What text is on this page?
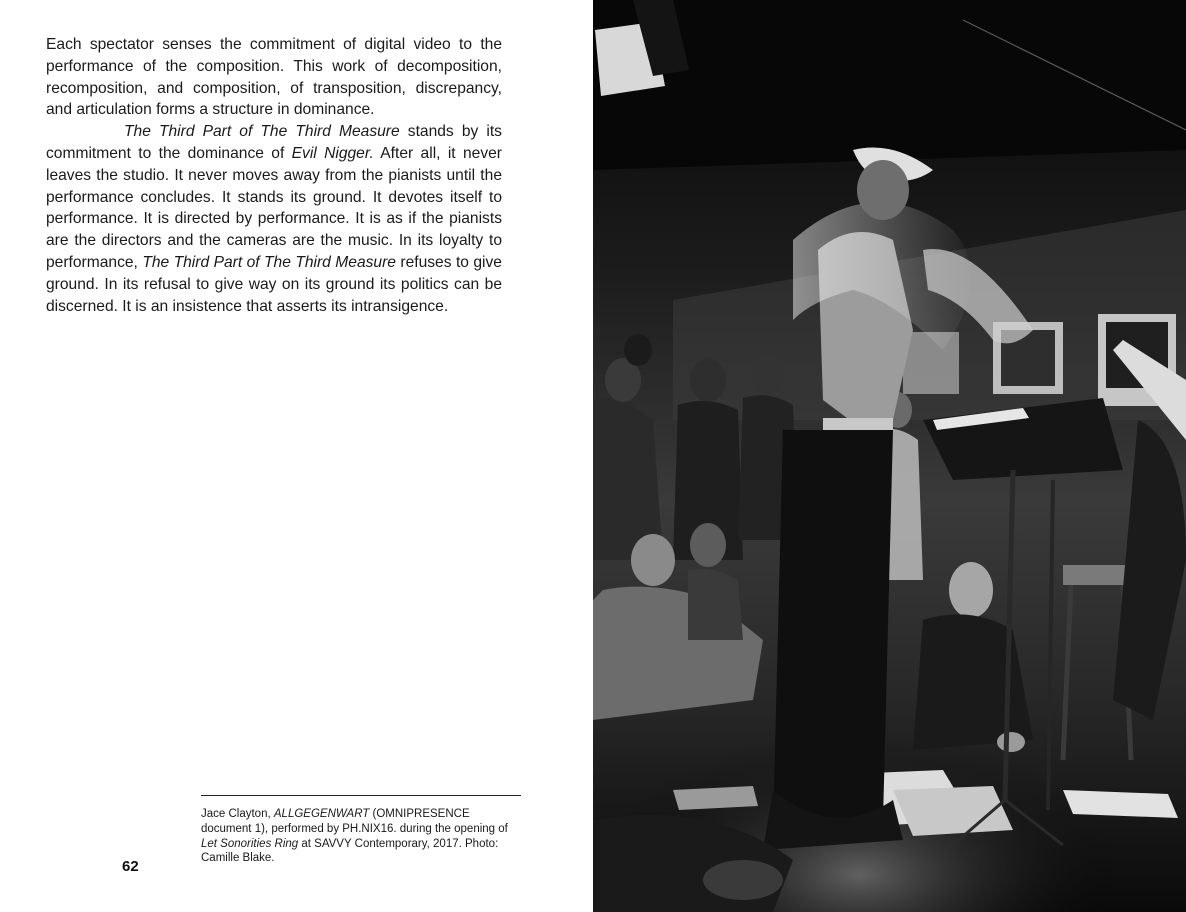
Each spectator senses the commitment of digital video to the performance of the composition. This work of decomposition, recomposition, and composition, of transposition, discrepancy, and articulation forms a structure in dominance.

The Third Part of The Third Measure stands by its commitment to the dominance of Evil Nigger. After all, it never leaves the studio. It never moves away from the pianists until the performance concludes. It stands its ground. It devotes itself to performance. It is directed by performance. It is as if the pianists are the directors and the cameras are the music. In its loyalty to performance, The Third Part of The Third Measure refuses to give ground. In its refusal to give way on its ground its politics can be discerned. It is an insistence that asserts its intransigence.

Jace Clayton, ALLGEGENWART (OMNIPRESENCE document 1), performed by PH.NIX16. during the opening of Let Sonorities Ring at SAVVY Contemporary, 2017. Photo: Camille Blake.
62
